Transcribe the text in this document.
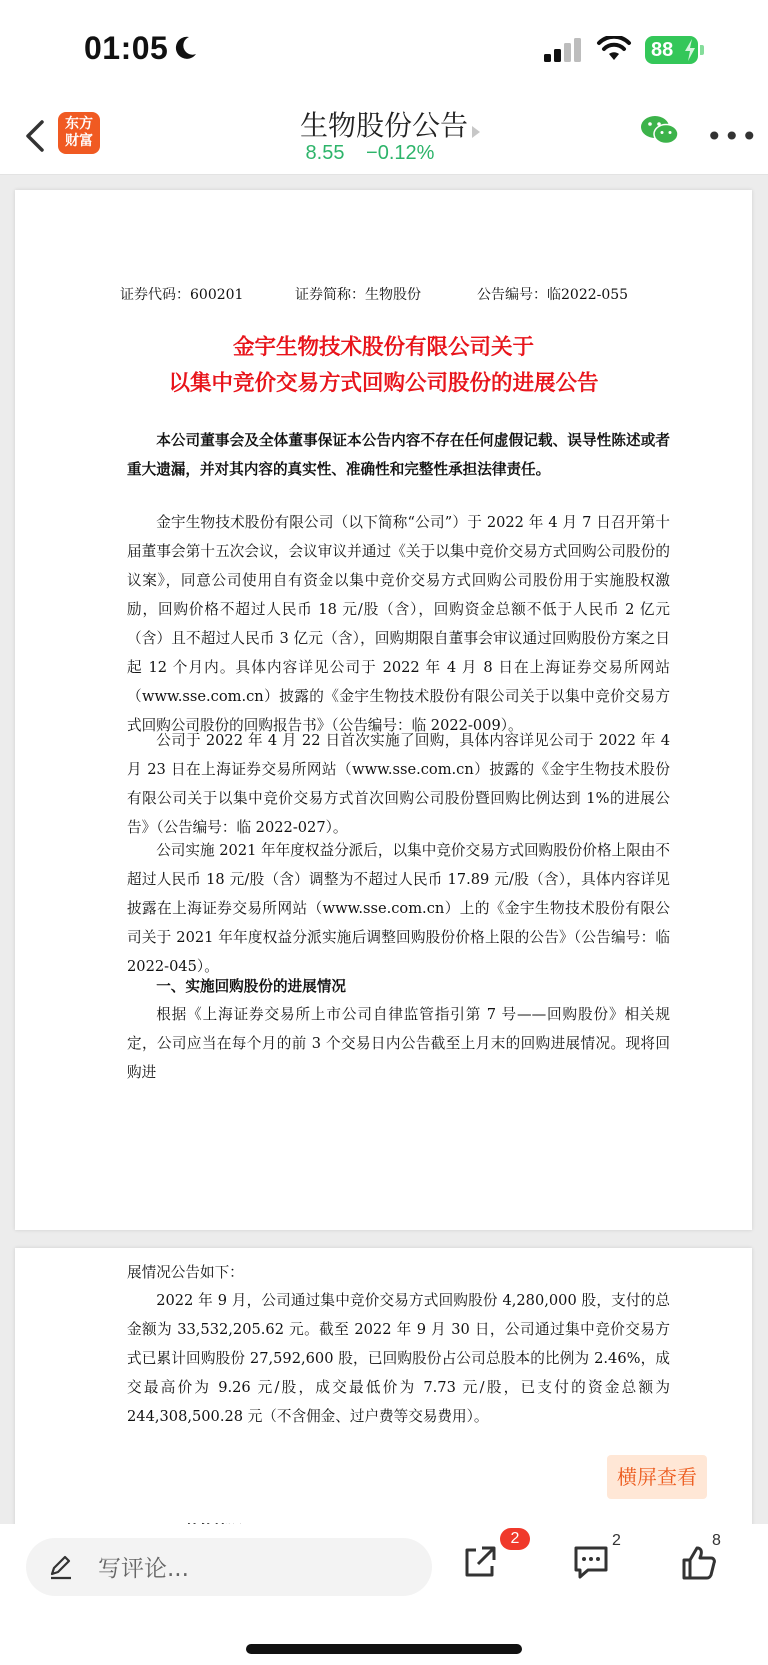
01:05	88
东方
财富	生物股份公告
8.55 −0.12%	•••
证券代码：600201	证券简称：生物股份	公告编号：临2022-055
金宇生物技术股份有限公司关于
以集中竞价交易方式回购公司股份的进展公告
本公司董事会及全体董事保证本公告内容不存在任何虚假记载、误导性陈述或者重大遗漏，并对其内容的真实性、准确性和完整性承担法律责任。
金宇生物技术股份有限公司（以下简称“公司”）于 2022 年 4 月 7 日召开第十届董事会第十五次会议，会议审议并通过《关于以集中竞价交易方式回购公司股份的议案》，同意公司使用自有资金以集中竞价交易方式回购公司股份用于实施股权激励，回购价格不超过人民币 18 元/股（含），回购资金总额不低于人民币 2 亿元（含）且不超过人民币 3 亿元（含），回购期限自董事会审议通过回购股份方案之日起 12 个月内。具体内容详见公司于 2022 年 4 月 8 日在上海证券交易所网站（www.sse.com.cn）披露的《金宇生物技术股份有限公司关于以集中竞价交易方式回购公司股份的回购报告书》（公告编号：临 2022-009）。
公司于 2022 年 4 月 22 日首次实施了回购，具体内容详见公司于 2022 年 4 月 23 日在上海证券交易所网站（www.sse.com.cn）披露的《金宇生物技术股份有限公司关于以集中竞价交易方式首次回购公司股份暨回购比例达到 1%的进展公告》（公告编号：临 2022-027）。
公司实施 2021 年年度权益分派后，以集中竞价交易方式回购股份价格上限由不超过人民币 18 元/股（含）调整为不超过人民币 17.89 元/股（含），具体内容详见披露在上海证券交易所网站（www.sse.com.cn）上的《金宇生物技术股份有限公司关于 2021 年年度权益分派实施后调整回购股份价格上限的公告》（公告编号：临 2022-045）。
一、实施回购股份的进展情况
根据《上海证券交易所上市公司自律监管指引第 7 号——回购股份》相关规定，公司应当在每个月的前 3 个交易日内公告截至上月末的回购进展情况。现将回购进
展情况公告如下：
2022 年 9 月，公司通过集中竞价交易方式回购股份 4,280,000 股，支付的总金额为 33,532,205.62 元。截至 2022 年 9 月 30 日，公司通过集中竞价交易方式已累计回购股份 27,592,600 股，已回购股份占公司总股本的比例为 2.46%，成交最高价为 9.26 元/股，成交最低价为 7.73 元/股，已支付的资金总额为 244,308,500.28 元（不含佣金、过户费等交易费用）。
横屏查看
写评论...
2	2	8
